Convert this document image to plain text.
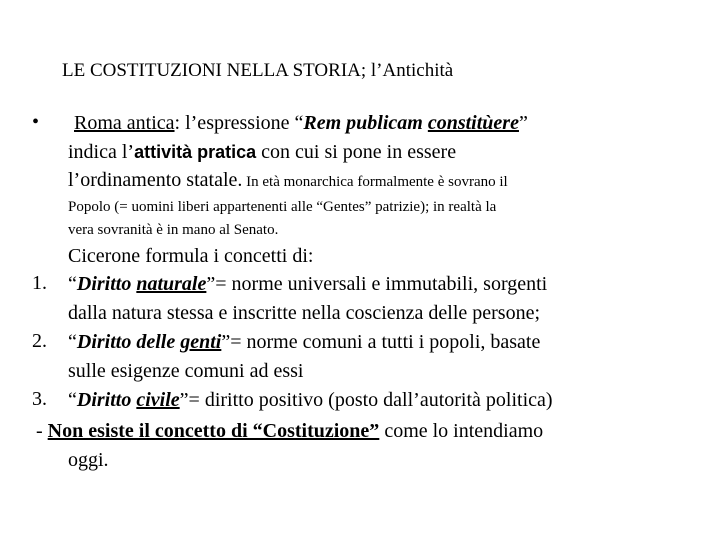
LE COSTITUZIONI NELLA STORIA; l’Antichità
• Roma antica: l’espressione “Rem publicam constitùere”
indica l’attività pratica con cui si pone in essere
l’ordinamento statale. In età monarchica formalmente è sovrano il
Popolo (= uomini liberi appartenenti alle “Gentes” patrizie); in realtà la
vera sovranità è in mano al Senato.
Cicerone formula i concetti di:
1. “Diritto naturale”= norme universali e immutabili, sorgenti
dalla natura stessa e inscritte nella coscienza delle persone;
2. “Diritto delle genti”= norme comuni a tutti i popoli, basate
sulle esigenze comuni ad essi
3. “Diritto civile”= diritto positivo (posto dall’autorità politica)
- Non esiste il concetto di “Costituzione” come lo intendiamo
oggi.
